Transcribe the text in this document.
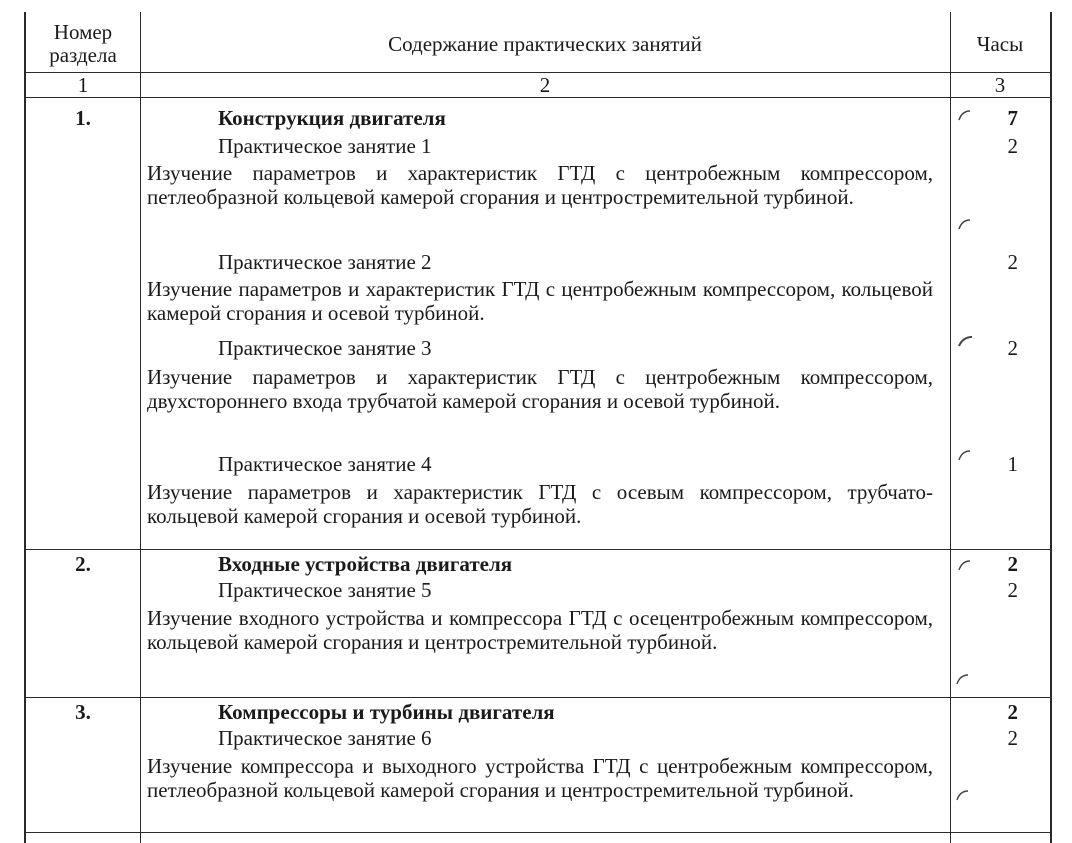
Номер раздела	Содержание практических занятий	Часы
1	2	3
1.	Конструкция двигателя	7
Практическое занятие 1	2
Изучение параметров и характеристик ГТД с центробежным компрессором, петлеобразной кольцевой камерой сгорания и центростремительной турбиной.
Практическое занятие 2	2
Изучение параметров и характеристик ГТД с центробежным компрессором, кольцевой камерой сгорания и осевой турбиной.
Практическое занятие 3	2
Изучение параметров и характеристик ГТД с центробежным компрессором, двухстороннего входа трубчатой камерой сгорания и осевой турбиной.
Практическое занятие 4	1
Изучение параметров и характеристик ГТД с осевым компрессором, трубчато-кольцевой камерой сгорания и осевой турбиной.
2.	Входные устройства двигателя	2
Практическое занятие 5	2
Изучение входного устройства и компрессора ГТД с осецентробежным компрессором, кольцевой камерой сгорания и центростремительной турбиной.
3.	Компрессоры и турбины двигателя	2
Практическое занятие 6	2
Изучение компрессора и выходного устройства ГТД с центробежным компрессором, петлеобразной кольцевой камерой сгорания и центростремительной турбиной.
